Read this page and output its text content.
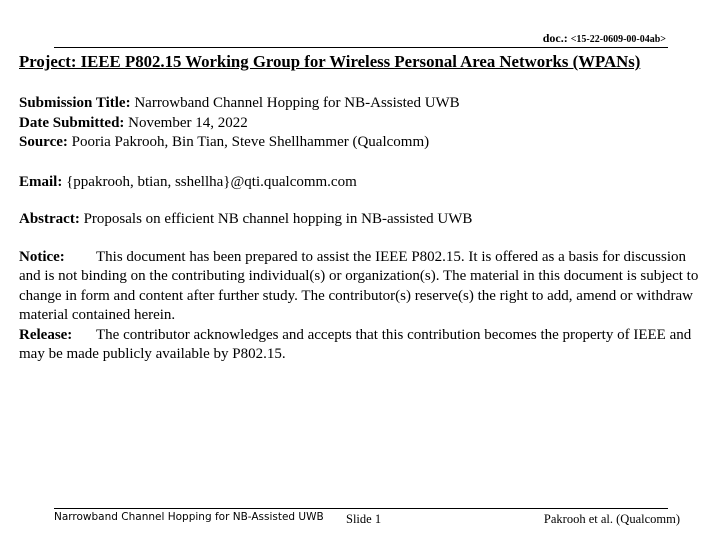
doc.: <15-22-0609-00-04ab>
Project: IEEE P802.15 Working Group for Wireless Personal Area Networks (WPANs)

Submission Title: Narrowband Channel Hopping for NB-Assisted UWB

Date Submitted: November 14, 2022

Source: Pooria Pakrooh, Bin Tian, Steve Shellhammer (Qualcomm)

Email: {ppakrooh, btian, sshellha}@qti.qualcomm.com

Abstract: Proposals on efficient NB channel hopping in NB-assisted UWB

Notice: This document has been prepared to assist the IEEE P802.15. It is offered as a basis for discussion and is not binding on the contributing individual(s) or organization(s). The material in this document is subject to change in form and content after further study. The contributor(s) reserve(s) the right to add, amend or withdraw material contained herein.

Release: The contributor acknowledges and accepts that this contribution becomes the property of IEEE and may be made publicly available by P802.15.

Narrowband Channel Hopping for NB-Assisted UWB Slide 1	Pakrooh et al. (Qualcomm)
